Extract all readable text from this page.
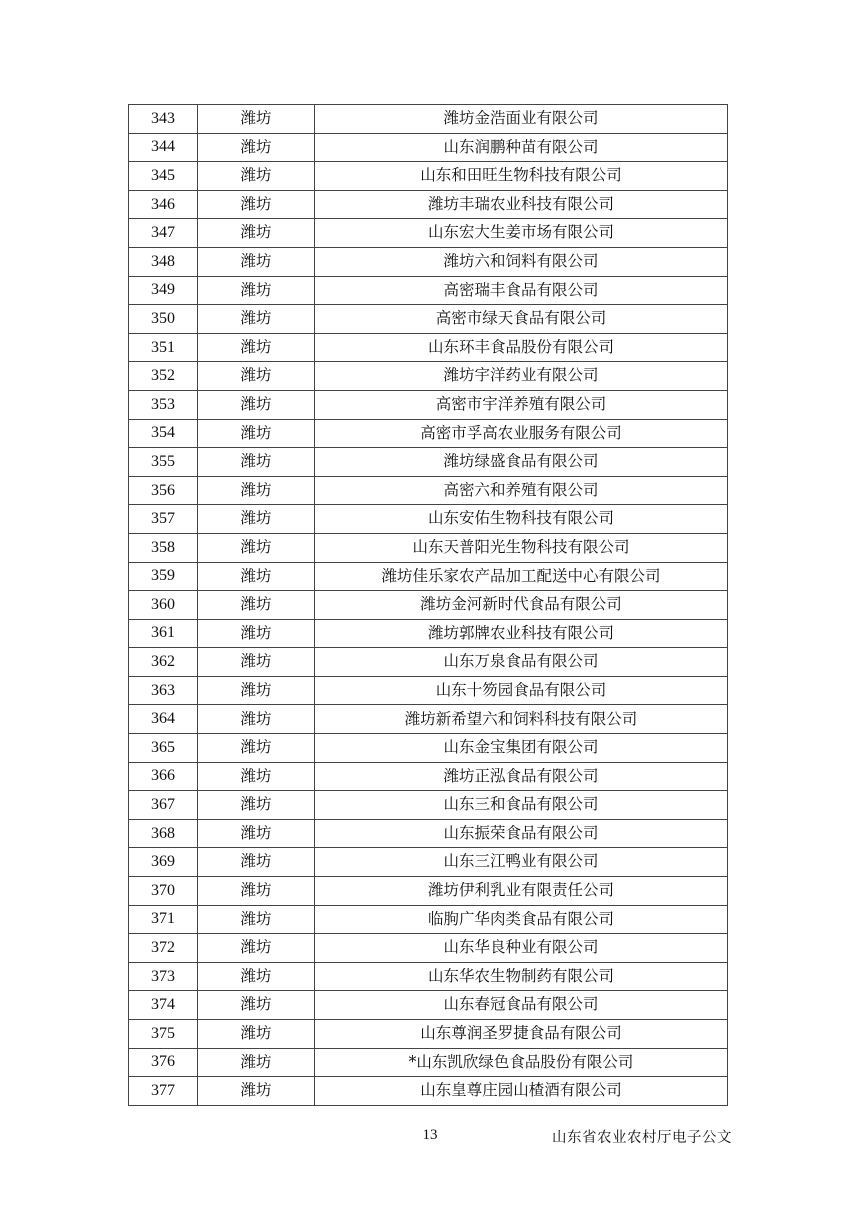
343	潍坊	潍坊金浩面业有限公司
344	潍坊	山东润鹏种苗有限公司
345	潍坊	山东和田旺生物科技有限公司
346	潍坊	潍坊丰瑞农业科技有限公司
347	潍坊	山东宏大生姜市场有限公司
348	潍坊	潍坊六和饲料有限公司
349	潍坊	高密瑞丰食品有限公司
350	潍坊	高密市绿天食品有限公司
351	潍坊	山东环丰食品股份有限公司
352	潍坊	潍坊宇洋药业有限公司
353	潍坊	高密市宇洋养殖有限公司
354	潍坊	高密市孚高农业服务有限公司
355	潍坊	潍坊绿盛食品有限公司
356	潍坊	高密六和养殖有限公司
357	潍坊	山东安佑生物科技有限公司
358	潍坊	山东天普阳光生物科技有限公司
359	潍坊	潍坊佳乐家农产品加工配送中心有限公司
360	潍坊	潍坊金河新时代食品有限公司
361	潍坊	潍坊郭牌农业科技有限公司
362	潍坊	山东万泉食品有限公司
363	潍坊	山东十笏园食品有限公司
364	潍坊	潍坊新希望六和饲料科技有限公司
365	潍坊	山东金宝集团有限公司
366	潍坊	潍坊正泓食品有限公司
367	潍坊	山东三和食品有限公司
368	潍坊	山东振荣食品有限公司
369	潍坊	山东三江鸭业有限公司
370	潍坊	潍坊伊利乳业有限责任公司
371	潍坊	临朐广华肉类食品有限公司
372	潍坊	山东华良种业有限公司
373	潍坊	山东华农生物制药有限公司
374	潍坊	山东春冠食品有限公司
375	潍坊	山东尊润圣罗捷食品有限公司
376	潍坊	*山东凯欣绿色食品股份有限公司
377	潍坊	山东皇尊庄园山楂酒有限公司
13	山东省农业农村厅电子公文
